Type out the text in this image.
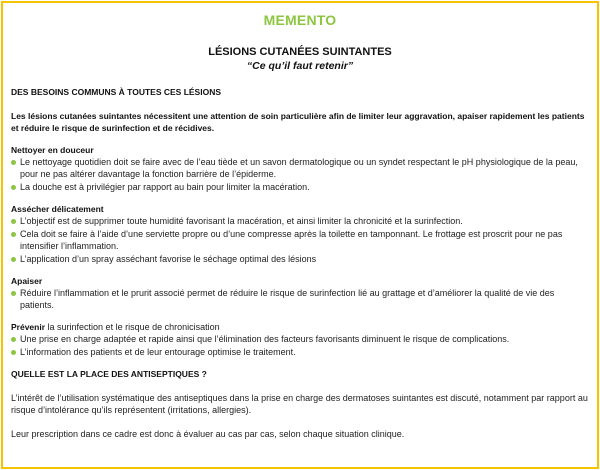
MEMENTO
LÉSIONS CUTANÉES SUINTANTES
“Ce qu’il faut retenir”
DES BESOINS COMMUNS À TOUTES CES LÉSIONS

Les lésions cutanées suintantes nécessitent une attention de soin particulière afin de limiter leur aggravation, apaiser rapidement les patients et réduire le risque de surinfection et de récidives.

Nettoyer en douceur
Le nettoyage quotidien doit se faire avec de l’eau tiède et un savon dermatologique ou un syndet respectant le pH physiologique de la peau, pour ne pas altérer davantage la fonction barrière de l’épiderme.
La douche est à privilégier par rapport au bain pour limiter la macération.
Assécher délicatement
L’objectif est de supprimer toute humidité favorisant la macération, et ainsi limiter la chronicité et la surinfection.
Cela doit se faire à l’aide d’une serviette propre ou d’une compresse après la toilette en tamponnant. Le frottage est proscrit pour ne pas intensifier l’inflammation.
L’application d’un spray asséchant favorise le séchage optimal des lésions
Apaiser
Réduire l’inflammation et le prurit associé permet de réduire le risque de surinfection lié au grattage et d’améliorer la qualité de vie des patients.
Prévenir la surinfection et le risque de chronicisation
Une prise en charge adaptée et rapide ainsi que l’élimination des facteurs favorisants diminuent le risque de complications.
L’information des patients et de leur entourage optimise le traitement.
QUELLE EST LA PLACE DES ANTISEPTIQUES ?

L’intérêt de l’utilisation systématique des antiseptiques dans la prise en charge des dermatoses suintantes est discuté, notamment par rapport au risque d’intolérance qu’ils représentent (irritations, allergies).

Leur prescription dans ce cadre est donc à évaluer au cas par cas, selon chaque situation clinique.
